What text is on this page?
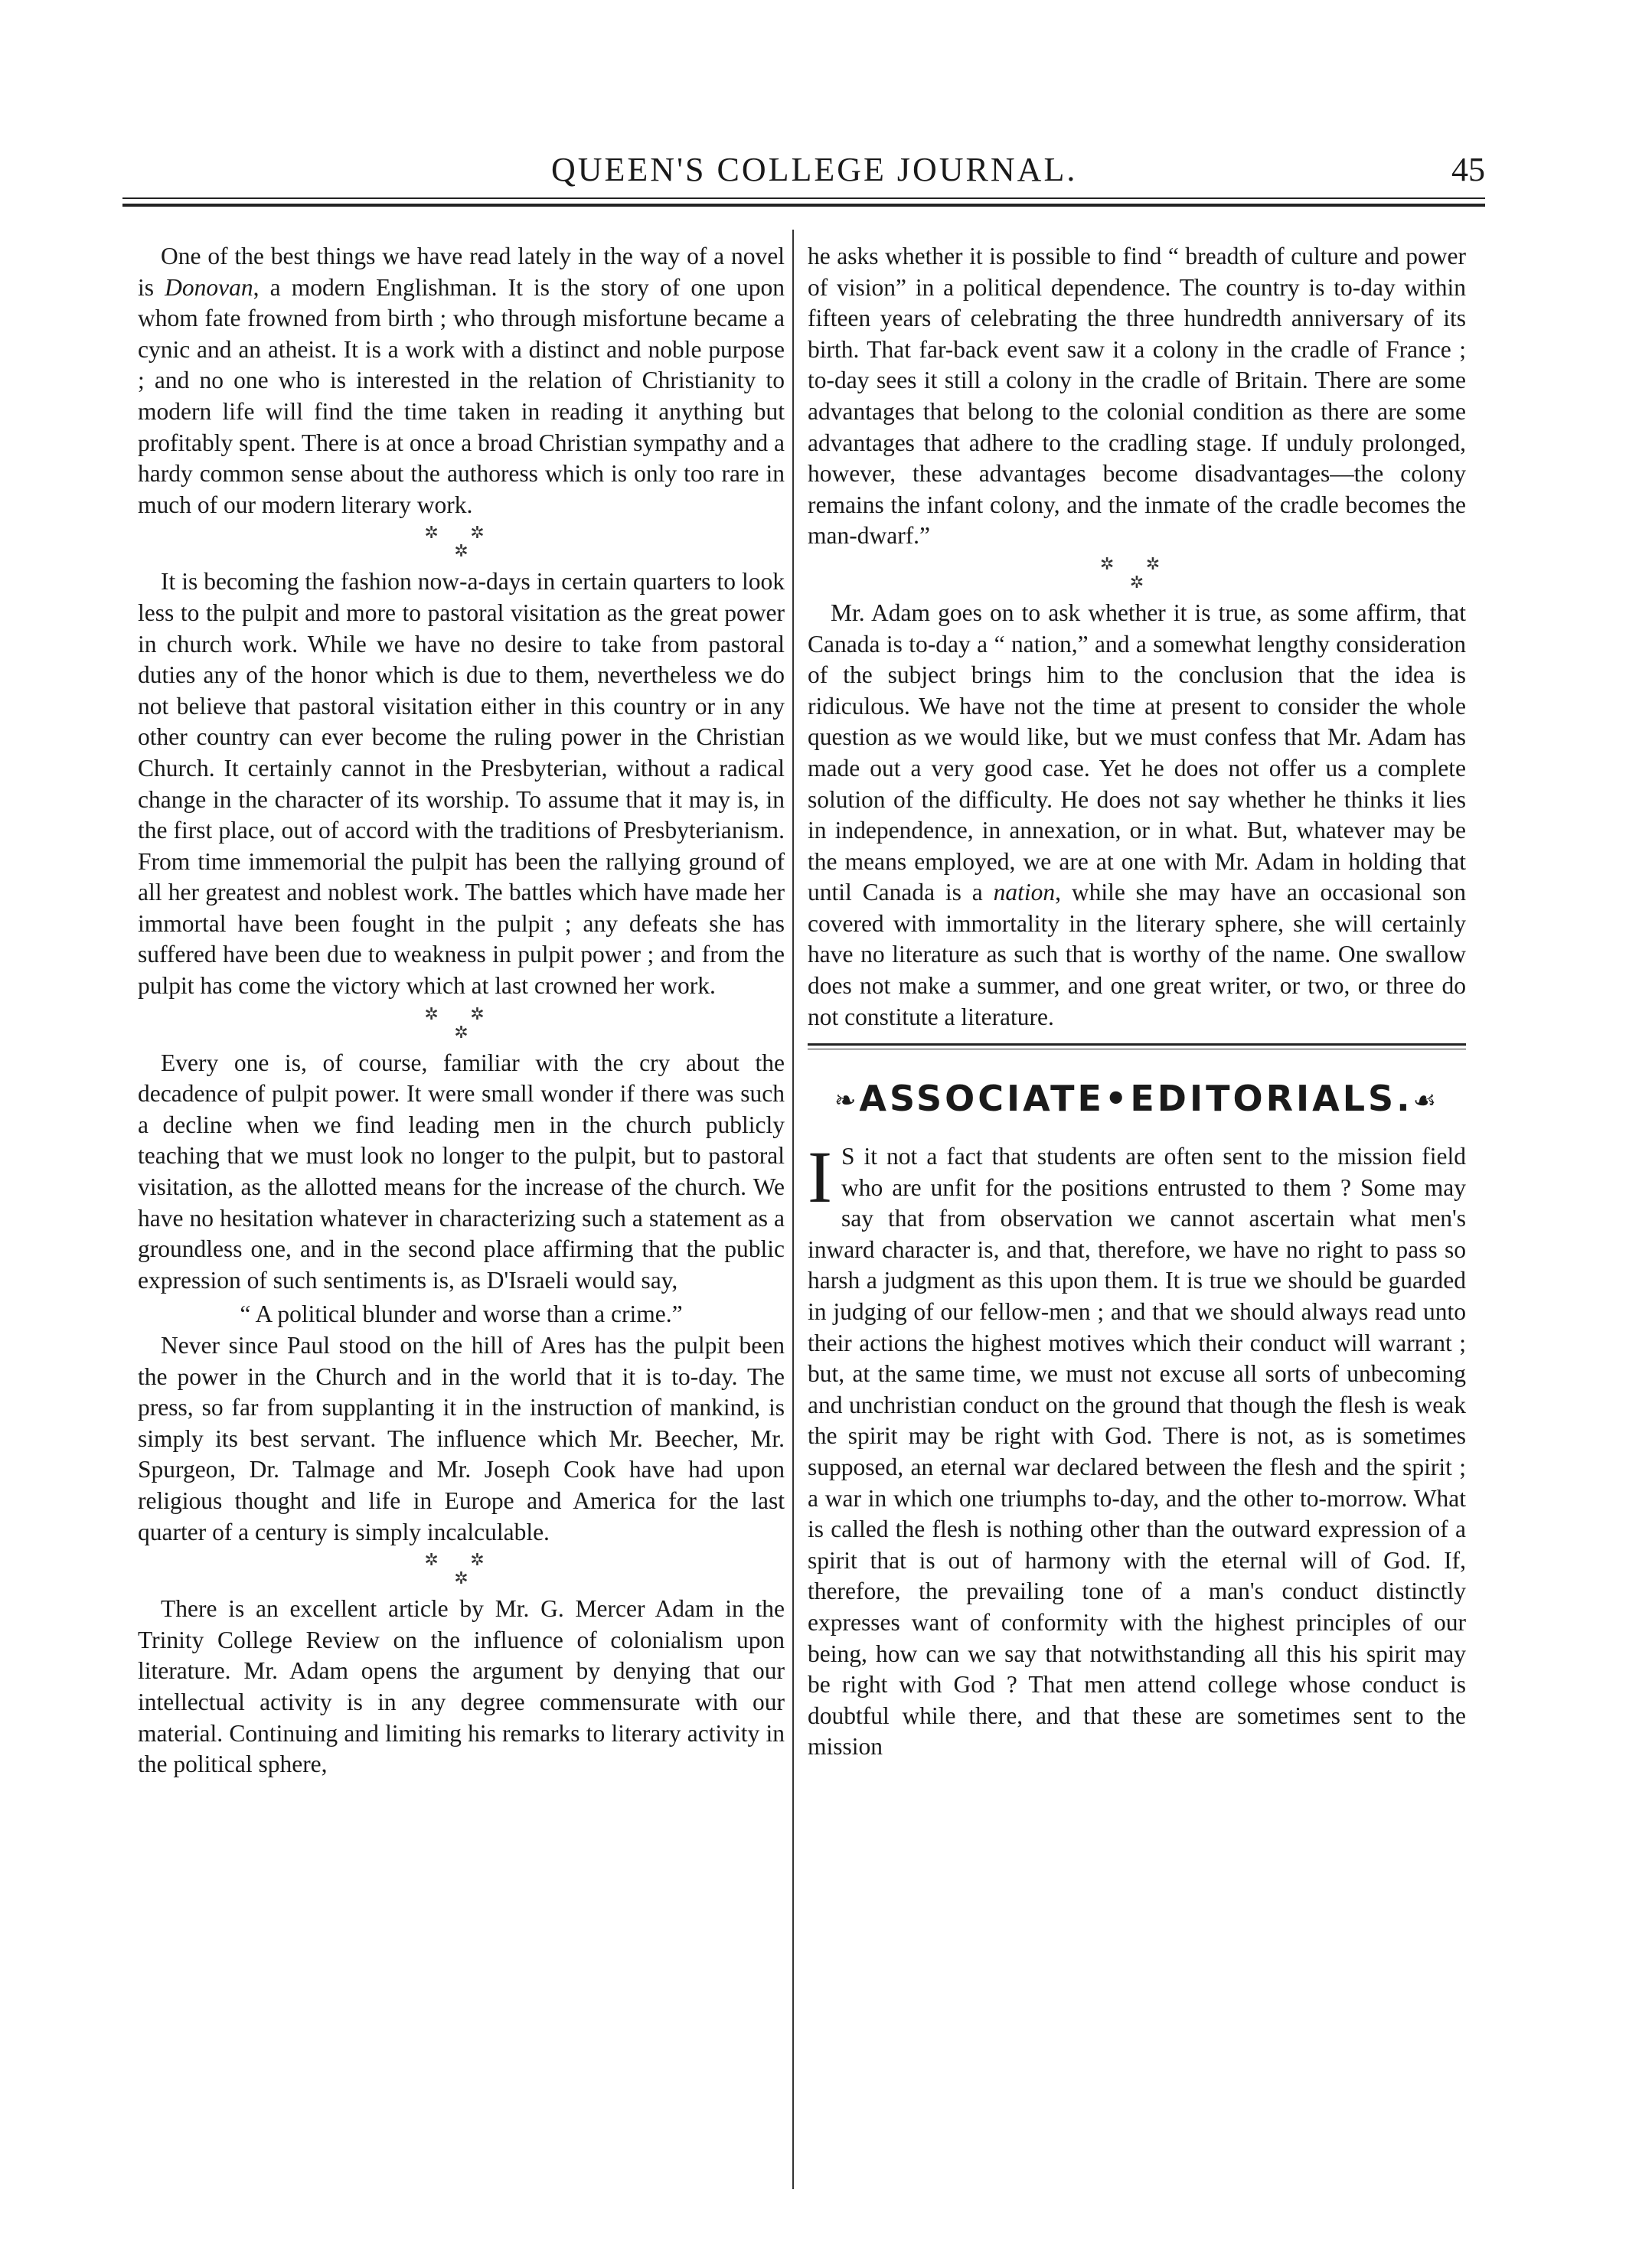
QUEEN'S COLLEGE JOURNAL.	45

One of the best things we have read lately in the way of a novel is Donovan, a modern Englishman. It is the story of one upon whom fate frowned from birth ; who through misfortune became a cynic and an atheist. It is a work with a distinct and noble purpose ; and no one who is interested in the relation of Christianity to modern life will find the time taken in reading it anything but profitably spent. There is at once a broad Christian sympathy and a hardy common sense about the authoress which is only too rare in much of our modern literary work.

✲ ✲
✲

It is becoming the fashion now-a-days in certain quarters to look less to the pulpit and more to pastoral visitation as the great power in church work. While we have no desire to take from pastoral duties any of the honor which is due to them, nevertheless we do not believe that pastoral visitation either in this country or in any other country can ever become the ruling power in the Christian Church. It certainly cannot in the Presbyterian, without a radical change in the character of its worship. To assume that it may is, in the first place, out of accord with the traditions of Presbyterianism. From time immemorial the pulpit has been the rallying ground of all her greatest and noblest work. The battles which have made her immortal have been fought in the pulpit ; any defeats she has suffered have been due to weakness in pulpit power ; and from the pulpit has come the victory which at last crowned her work.

✲ ✲
✲

Every one is, of course, familiar with the cry about the decadence of pulpit power. It were small wonder if there was such a decline when we find leading men in the church publicly teaching that we must look no longer to the pulpit, but to pastoral visitation, as the allotted means for the increase of the church. We have no hesitation whatever in characterizing such a statement as a groundless one, and in the second place affirming that the public expression of such sentiments is, as D'Israeli would say,

“ A political blunder and worse than a crime.”

Never since Paul stood on the hill of Ares has the pulpit been the power in the Church and in the world that it is to-day. The press, so far from supplanting it in the instruction of mankind, is simply its best servant. The influence which Mr. Beecher, Mr. Spurgeon, Dr. Talmage and Mr. Joseph Cook have had upon religious thought and life in Europe and America for the last quarter of a century is simply incalculable.

✲ ✲
✲

There is an excellent article by Mr. G. Mercer Adam in the Trinity College Review on the influence of colonialism upon literature. Mr. Adam opens the argument by denying that our intellectual activity is in any degree commensurate with our material. Continuing and limiting his remarks to literary activity in the political sphere,

he asks whether it is possible to find “ breadth of culture and power of vision” in a political dependence. The country is to-day within fifteen years of celebrating the three hundredth anniversary of its birth. That far-back event saw it a colony in the cradle of France ; to-day sees it still a colony in the cradle of Britain. There are some advantages that belong to the colonial condition as there are some advantages that adhere to the cradling stage. If unduly prolonged, however, these advantages become disadvantages—the colony remains the infant colony, and the inmate of the cradle becomes the man-dwarf.”

✲ ✲
✲

Mr. Adam goes on to ask whether it is true, as some affirm, that Canada is to-day a “ nation,” and a somewhat lengthy consideration of the subject brings him to the conclusion that the idea is ridiculous. We have not the time at present to consider the whole question as we would like, but we must confess that Mr. Adam has made out a very good case. Yet he does not offer us a complete solution of the difficulty. He does not say whether he thinks it lies in independence, in annexation, or in what. But, whatever may be the means employed, we are at one with Mr. Adam in holding that until Canada is a nation, while she may have an occasional son covered with immortality in the literary sphere, she will certainly have no literature as such that is worthy of the name. One swallow does not make a summer, and one great writer, or two, or three do not constitute a literature.

❧ASSOCIATE•EDITORIALS.☙

I S it not a fact that students are often sent to the mission field who are unfit for the positions entrusted to them ? Some may say that from observation we cannot ascertain what men's inward character is, and that, therefore, we have no right to pass so harsh a judgment as this upon them. It is true we should be guarded in judging of our fellow-men ; and that we should always read unto their actions the highest motives which their conduct will warrant ; but, at the same time, we must not excuse all sorts of unbecoming and unchristian conduct on the ground that though the flesh is weak the spirit may be right with God. There is not, as is sometimes supposed, an eternal war declared between the flesh and the spirit ; a war in which one triumphs to-day, and the other to-morrow. What is called the flesh is nothing other than the outward expression of a spirit that is out of harmony with the eternal will of God. If, therefore, the prevailing tone of a man's conduct distinctly expresses want of conformity with the highest principles of our being, how can we say that notwithstanding all this his spirit may be right with God ? That men attend college whose conduct is doubtful while there, and that these are sometimes sent to the mission
